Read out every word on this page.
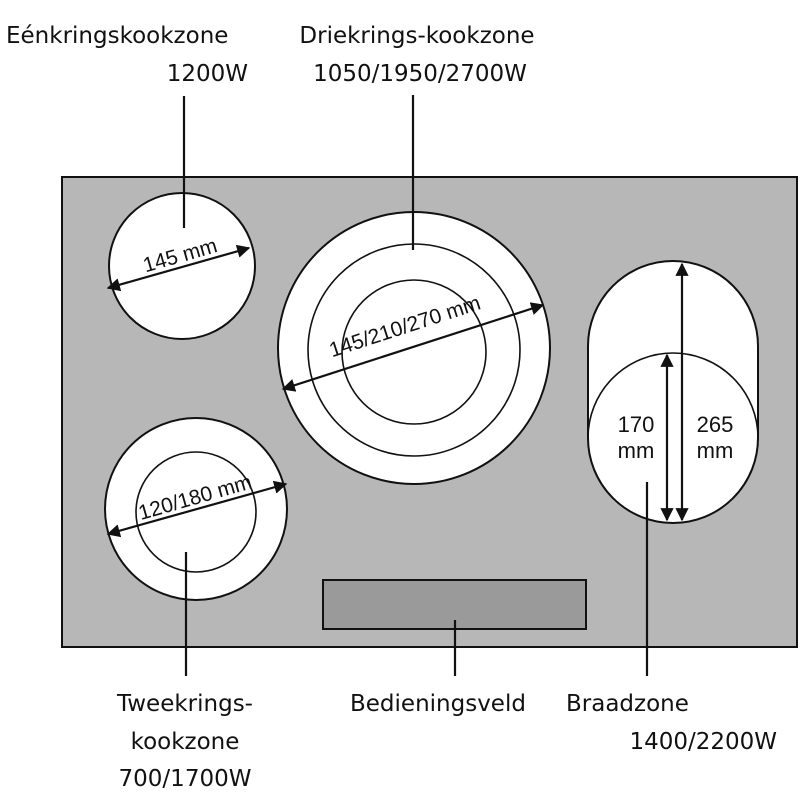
145 mm
145/210/270 mm
120/180 mm
170
mm
265
mm
Eénkringskookzone
1200W
Driekrings-kookzone
1050/1950/2700W
Tweekrings-
kookzone
700/1700W
Bedieningsveld Braadzone
1400/2200W
